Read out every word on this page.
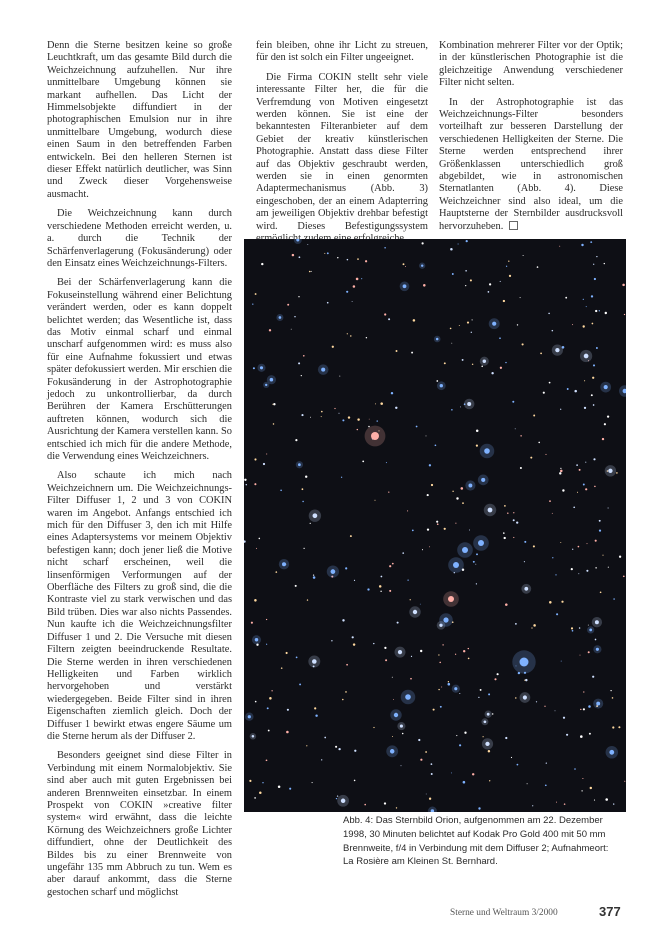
Denn die Sterne besitzen keine so große Leuchtkraft, um das gesamte Bild durch die Weichzeichnung aufzuhellen. Nur ihre unmittelbare Umgebung können sie markant aufhellen. Das Licht der Himmelsobjekte diffundiert in der photographischen Emulsion nur in ihre unmittelbare Umgebung, wodurch diese einen Saum in den betreffenden Farben entwickeln. Bei den helleren Sternen ist dieser Effekt natürlich deutlicher, was Sinn und Zweck dieser Vorgehensweise ausmacht.

Die Weichzeichnung kann durch verschiedene Methoden erreicht werden, u. a. durch die Technik der Schärfenverlagerung (Fokusänderung) oder den Einsatz eines Weichzeichnungs-Filters.

Bei der Schärfenverlagerung kann die Fokuseinstellung während einer Belichtung verändert werden, oder es kann doppelt belichtet werden; das Wesentliche ist, dass das Motiv einmal scharf und einmal unscharf aufgenommen wird: es muss also für eine Aufnahme fokussiert und etwas später defokussiert werden. Mir erschien die Fokusänderung in der Astrophotographie jedoch zu unkontrollierbar, da durch Berühren der Kamera Erschütterungen auftreten können, wodurch sich die Ausrichtung der Kamera verstellen kann. So entschied ich mich für die andere Methode, die Verwendung eines Weichzeichners.

Also schaute ich mich nach Weichzeichnern um. Die Weichzeichnungs-Filter Diffuser 1, 2 und 3 von COKIN waren im Angebot. Anfangs entschied ich mich für den Diffuser 3, den ich mit Hilfe eines Adaptersystems vor meinem Objektiv befestigen kann; doch jener ließ die Motive nicht scharf erscheinen, weil die linsenförmigen Verformungen auf der Oberfläche des Filters zu groß sind, die die Kontraste viel zu stark verwischen und das Bild trüben. Dies war also nichts Passendes. Nun kaufte ich die Weichzeichnungsfilter Diffuser 1 und 2. Die Versuche mit diesen Filtern zeigten beeindruckende Resultate. Die Sterne werden in ihren verschiedenen Helligkeiten und Farben wirklich hervorgehoben und verstärkt wiedergegeben. Beide Filter sind in ihren Eigenschaften ziemlich gleich. Doch der Diffuser 1 bewirkt etwas engere Säume um die Sterne herum als der Diffuser 2.

Besonders geeignet sind diese Filter in Verbindung mit einem Normalobjektiv. Sie sind aber auch mit guten Ergebnissen bei anderen Brennweiten einsetzbar. In einem Prospekt von COKIN »creative filter system« wird erwähnt, dass die leichte Körnung des Weichzeichners große Lichter diffundiert, ohne der Deutlichkeit des Bildes bis zu einer Brennweite von ungefähr 135 mm Abbruch zu tun. Wem es aber darauf ankommt, dass die Sterne gestochen scharf und möglichst

fein bleiben, ohne ihr Licht zu streuen, für den ist solch ein Filter ungeeignet.

Die Firma COKIN stellt sehr viele interessante Filter her, die für die Verfremdung von Motiven eingesetzt werden können. Sie ist eine der bekanntesten Filteranbieter auf dem Gebiet der kreativ künstlerischen Photographie. Anstatt dass diese Filter auf das Objektiv geschraubt werden, werden sie in einen genormten Adaptermechanismus (Abb. 3) eingeschoben, der an einem Adapterring am jeweiligen Objektiv drehbar befestigt wird. Dieses Befestigungssystem

Kombination mehrerer Filter vor der Optik; in der künstlerischen Photographie ist die gleichzeitige Anwendung verschiedener Filter nicht selten.

In der Astrophotographie ist das Weichzeichnungs-Filter besonders vorteilhaft zur besseren Darstellung der verschiedenen Helligkeiten der Sterne. Die Sterne werden entsprechend ihrer Größenklassen unterschiedlich groß abgebildet, wie in astronomischen Sternatlanten (Abb. 4). Diese Weichzeichner sind also ideal, um die Hauptsterne der Sternbilder ausdrucksvoll hervorzuheben.

Abb. 4: Das Sternbild Orion, aufgenommen am 22. Dezember 1998, 30 Minuten belichtet auf Kodak Pro Gold 400 mit 50 mm Brennweite, f/4 in Verbindung mit dem Diffuser 2; Aufnahmeort: La Rosière am Kleinen St. Bernhard.
Sterne und Weltraum 3/2000	377
